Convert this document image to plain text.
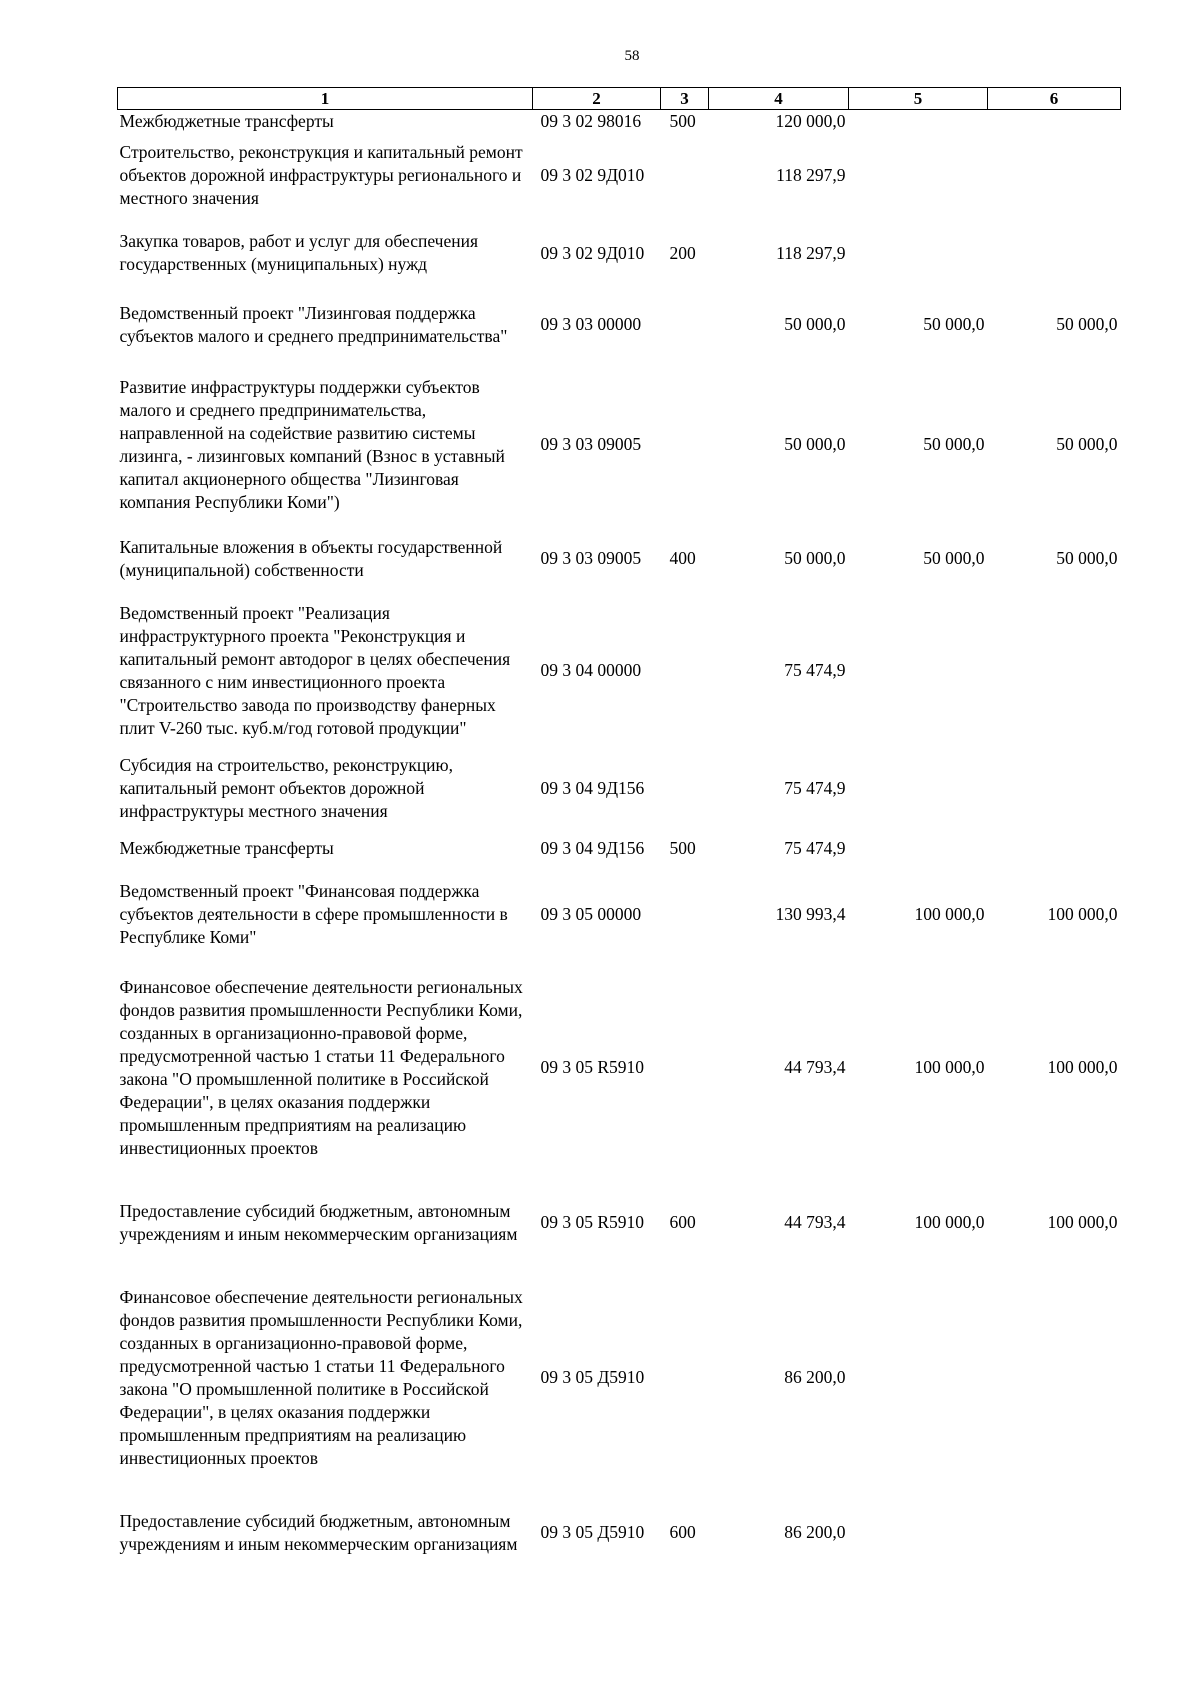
58
1	2	3	4	5	6
Межбюджетные трансферты	09 3 02 98016	500	120 000,0		
Строительство, реконструкция и капитальный ремонт объектов дорожной инфраструктуры регионального и местного значения	09 3 02 9Д010		118 297,9		
Закупка товаров, работ и услуг для обеспечения государственных (муниципальных) нужд	09 3 02 9Д010	200	118 297,9		
Ведомственный проект "Лизинговая поддержка субъектов малого и среднего предпринимательства"	09 3 03 00000		50 000,0	50 000,0	50 000,0
Развитие инфраструктуры поддержки субъектов малого и среднего предпринимательства, направленной на содействие развитию системы лизинга, - лизинговых компаний (Взнос в уставный капитал акционерного общества "Лизинговая компания Республики Коми")	09 3 03 09005		50 000,0	50 000,0	50 000,0
Капитальные вложения в объекты государственной (муниципальной) собственности	09 3 03 09005	400	50 000,0	50 000,0	50 000,0
Ведомственный проект "Реализация инфраструктурного проекта "Реконструкция и капитальный ремонт автодорог в целях обеспечения связанного с ним инвестиционного проекта "Строительство завода по производству фанерных плит V-260 тыс. куб.м/год готовой продукции"	09 3 04 00000		75 474,9		
Субсидия на строительство, реконструкцию, капитальный ремонт объектов дорожной инфраструктуры местного значения	09 3 04 9Д156		75 474,9		
Межбюджетные трансферты	09 3 04 9Д156	500	75 474,9		
Ведомственный проект "Финансовая поддержка субъектов деятельности в сфере промышленности в Республике Коми"	09 3 05 00000		130 993,4	100 000,0	100 000,0
Финансовое обеспечение деятельности региональных фондов развития промышленности Республики Коми, созданных в организационно-правовой форме, предусмотренной частью 1 статьи 11 Федерального закона "О промышленной политике в Российской Федерации", в целях оказания поддержки промышленным предприятиям на реализацию инвестиционных проектов	09 3 05 R5910		44 793,4	100 000,0	100 000,0
Предоставление субсидий бюджетным, автономным учреждениям и иным некоммерческим организациям	09 3 05 R5910	600	44 793,4	100 000,0	100 000,0
Финансовое обеспечение деятельности региональных фондов развития промышленности Республики Коми, созданных в организационно-правовой форме, предусмотренной частью 1 статьи 11 Федерального закона "О промышленной политике в Российской Федерации", в целях оказания поддержки промышленным предприятиям на реализацию инвестиционных проектов	09 3 05 Д5910		86 200,0		
Предоставление субсидий бюджетным, автономным учреждениям и иным некоммерческим организациям	09 3 05 Д5910	600	86 200,0		
